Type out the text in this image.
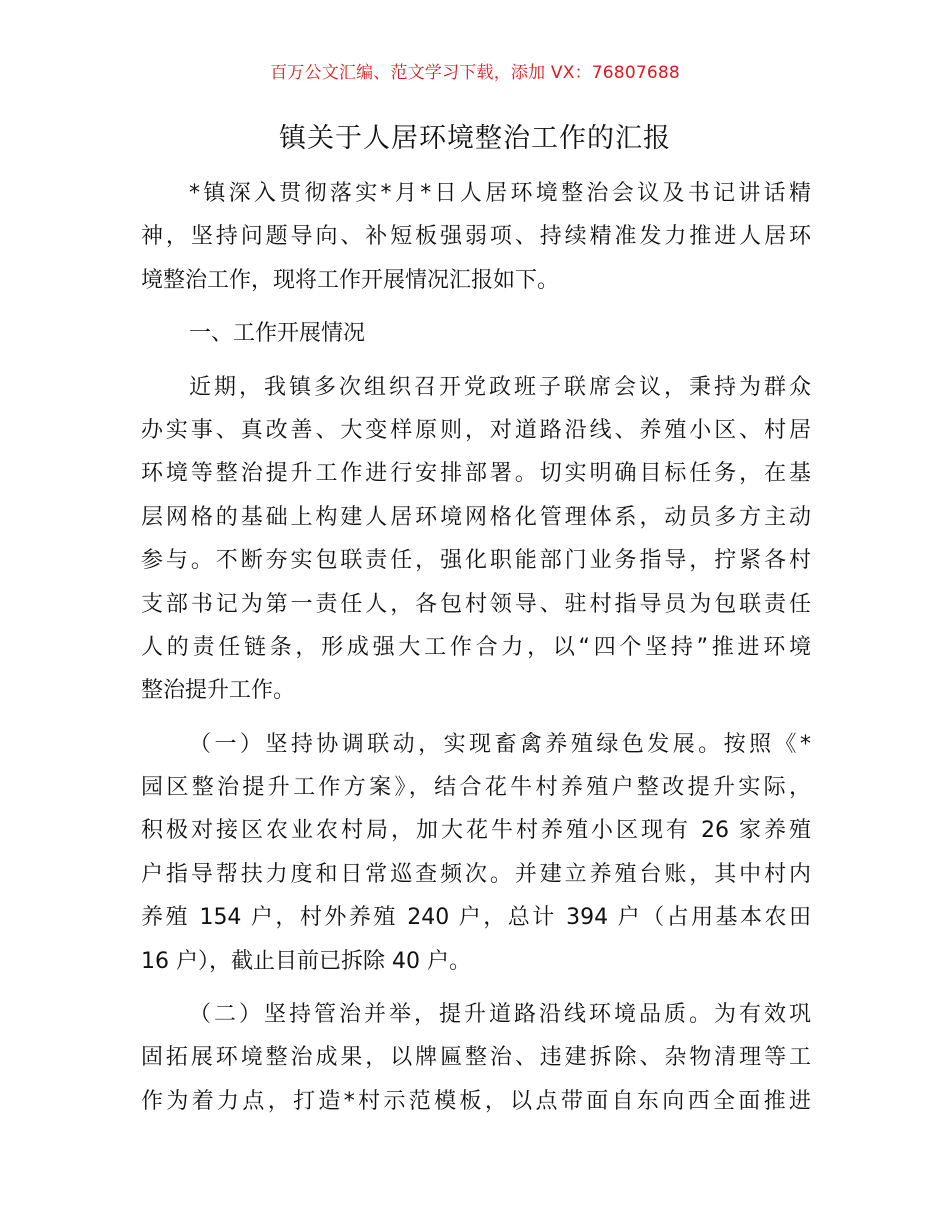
百万公文汇编、范文学习下载，添加 VX：76807688
镇关于人居环境整治工作的汇报
*镇深入贯彻落实*月*日人居环境整治会议及书记讲话精
神，坚持问题导向、补短板强弱项、持续精准发力推进人居环
境整治工作，现将工作开展情况汇报如下。
一、工作开展情况
近期，我镇多次组织召开党政班子联席会议，秉持为群众
办实事、真改善、大变样原则，对道路沿线、养殖小区、村居
环境等整治提升工作进行安排部署。切实明确目标任务，在基
层网格的基础上构建人居环境网格化管理体系，动员多方主动
参与。不断夯实包联责任，强化职能部门业务指导，拧紧各村
支部书记为第一责任人，各包村领导、驻村指导员为包联责任
人的责任链条，形成强大工作合力，以“四个坚持”推进环境
整治提升工作。
（一）坚持协调联动，实现畜禽养殖绿色发展。按照《*
园区整治提升工作方案》，结合花牛村养殖户整改提升实际，
积极对接区农业农村局，加大花牛村养殖小区现有 26 家养殖
户指导帮扶力度和日常巡查频次。并建立养殖台账，其中村内
养殖 154 户，村外养殖 240 户，总计 394 户（占用基本农田
16 户），截止目前已拆除 40 户。
（二）坚持管治并举，提升道路沿线环境品质。为有效巩
固拓展环境整治成果，以牌匾整治、违建拆除、杂物清理等工
作为着力点，打造*村示范模板，以点带面自东向西全面推进
